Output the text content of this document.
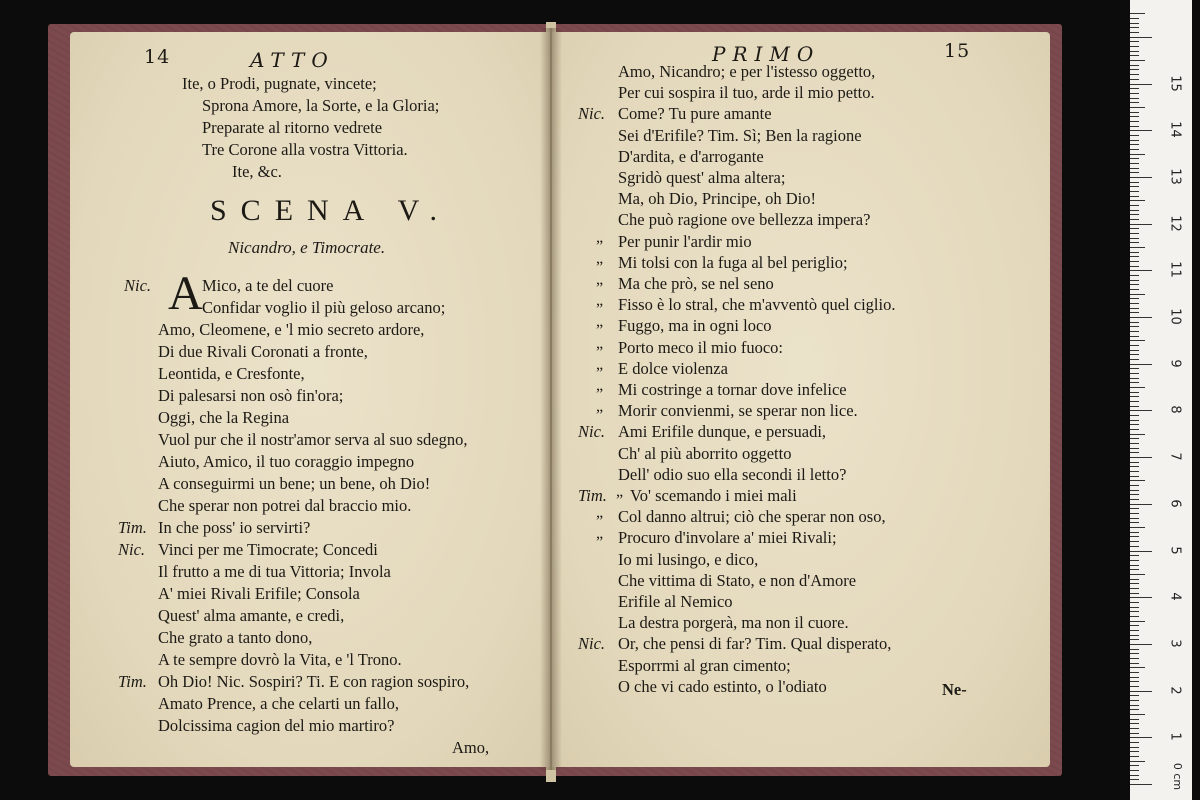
14	ATTO
Ite, o Prodi, pugnate, vincete;
Sprona Amore, la Sorte, e la Gloria;
Preparate al ritorno vedrete
Tre Corone alla vostra Vittoria.
Ite, &c.
SCENA V.
Nicandro, e Timocrate.
Nic. A Mico, a te del cuore
Confidar voglio il più geloso arcano;
Amo, Cleomene, e 'l mio secreto ardore,
Di due Rivali Coronati a fronte,
Leontida, e Cresfonte,
Di palesarsi non osò fin'ora;
Oggi, che la Regina
Vuol pur che il nostr'amor serva al suo sdegno,
Aiuto, Amico, il tuo coraggio impegno
A conseguirmi un bene; un bene, oh Dio!
Che sperar non potrei dal braccio mio.
Tim. In che poss' io servirti?
Nic. Vinci per me Timocrate; Concedi
Il frutto a me di tua Vittoria; Invola
A' miei Rivali Erifile; Consola
Quest' alma amante, e credi,
Che grato a tanto dono,
A te sempre dovrò la Vita, e 'l Trono.
Tim. Oh Dio! Nic. Sospiri? Ti. E con ragion sospiro,
Amato Prence, a che celarti un fallo,
Dolcissima cagion del mio martiro?
Amo,
PRIMO	15
Amo, Nicandro; e per l'istesso oggetto,
Per cui sospira il tuo, arde il mio petto.
Nic. Come? Tu pure amante
Sei d'Erifile? Tim. Sì; Ben la ragione
D'ardita, e d'arrogante
Sgridò quest' alma altera;
Ma, oh Dio, Principe, oh Dio!
Che può ragione ove bellezza impera?
„ Per punir l'ardir mio
„ Mi tolsi con la fuga al bel periglio;
„ Ma che prò, se nel seno
„ Fisso è lo stral, che m'avventò quel ciglio.
„ Fuggo, ma in ogni loco
„ Porto meco il mio fuoco:
„ E dolce violenza
„ Mi costringe a tornar dove infelice
„ Morir convienmi, se sperar non lice.
Nic. Ami Erifile dunque, e persuadi,
Ch' al più aborrito oggetto
Dell' odio suo ella secondi il letto?
Tim. „ Vo' scemando i miei mali
„ Col danno altrui; ciò che sperar non oso,
„ Procuro d'involare a' miei Rivali;
Io mi lusingo, e dico,
Che vittima di Stato, e non d'Amore
Erifile al Nemico
La destra porgerà, ma non il cuore.
Nic. Or, che pensi di far? Tim. Qual disperato,
Esporrmi al gran cimento;
O che vi cado estinto, o l'odiato	Ne-
0 cm
1
2
3
4
5
6
7
8
9
10
11
12
13
14
15
